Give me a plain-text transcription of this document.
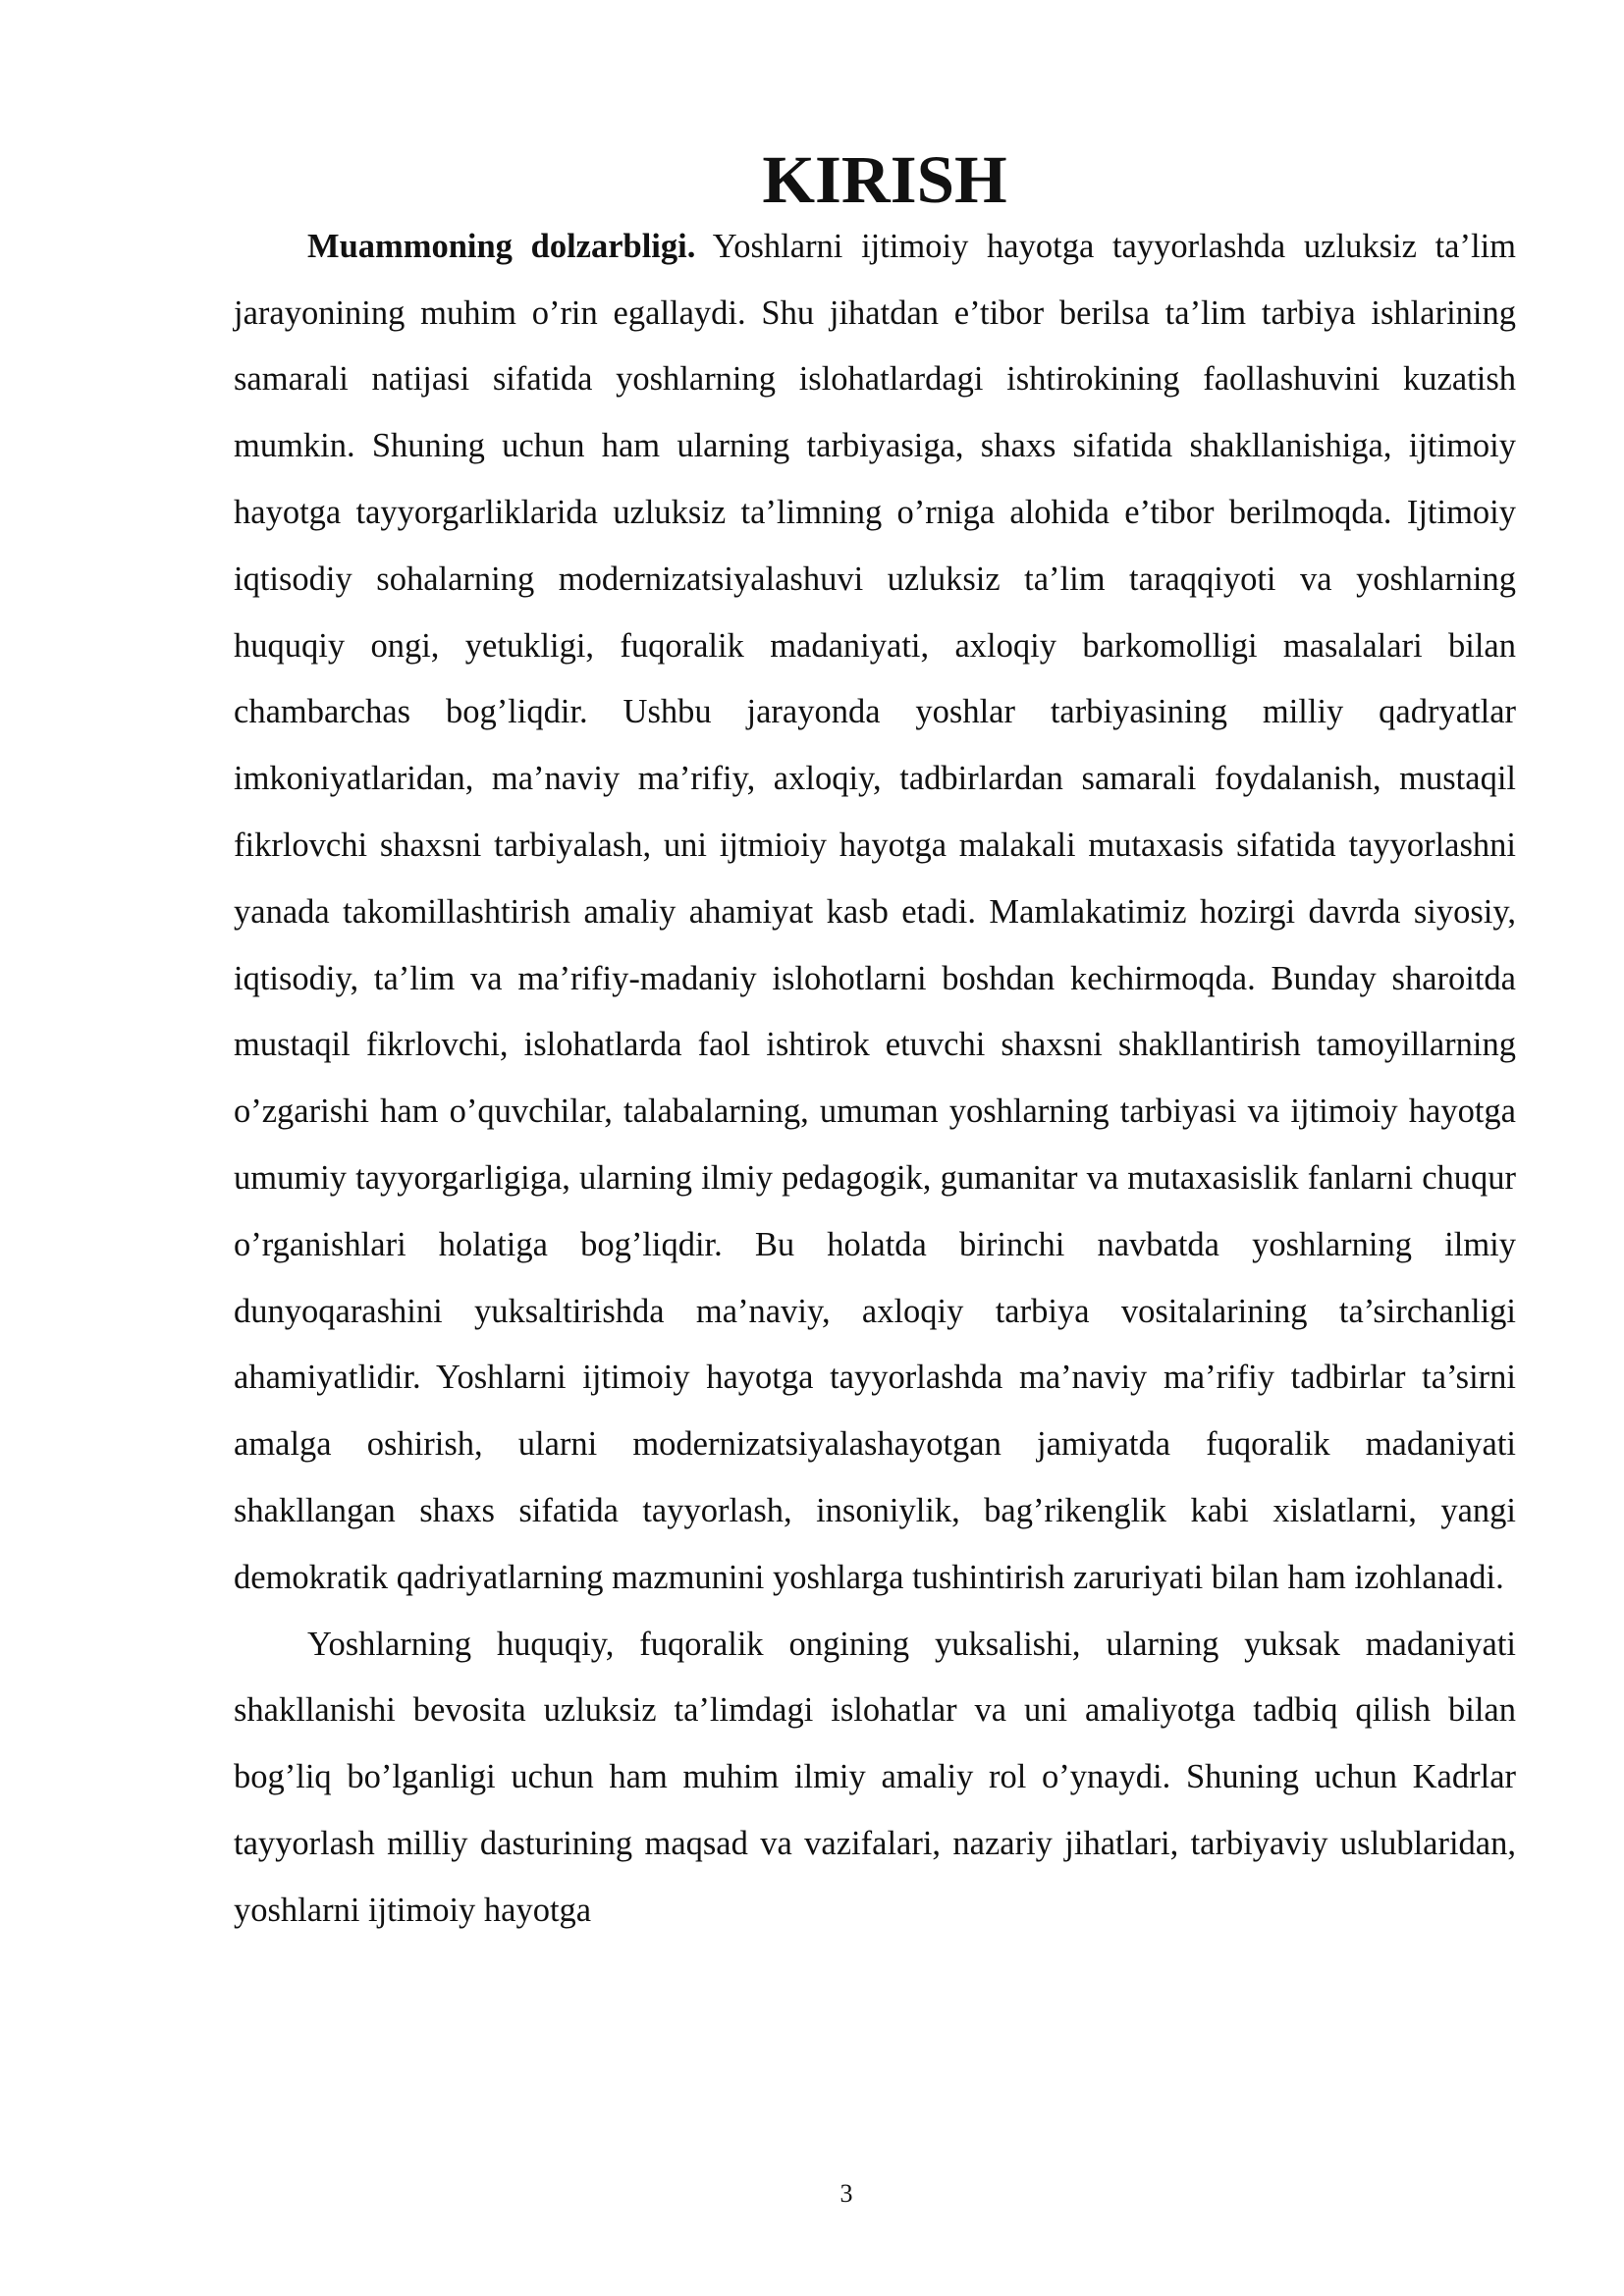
KIRISH

Muammoning dolzarbligi. Yoshlarni ijtimoiy hayotga tayyorlashda uzluksiz ta’lim jarayonining muhim o’rin egallaydi. Shu jihatdan e’tibor berilsa ta’lim tarbiya ishlarining samarali natijasi sifatida yoshlarning islohatlardagi ishtirokining faollashuvini kuzatish mumkin. Shuning uchun ham ularning tarbiyasiga, shaxs sifatida shakllanishiga, ijtimoiy hayotga tayyorgarliklarida uzluksiz ta’limning o’rniga alohida e’tibor berilmoqda. Ijtimoiy iqtisodiy sohalarning modernizatsiyalashuvi uzluksiz ta’lim taraqqiyoti va yoshlarning huquqiy ongi, yetukligi, fuqoralik madaniyati, axloqiy barkomolligi masalalari bilan chambarchas bog’liqdir. Ushbu jarayonda yoshlar tarbiyasining milliy qadryatlar imkoniyatlaridan, ma’naviy ma’rifiy, axloqiy, tadbirlardan samarali foydalanish, mustaqil fikrlovchi shaxsni tarbiyalash, uni ijtmioiy hayotga malakali mutaxasis sifatida tayyorlashni yanada takomillashtirish amaliy ahamiyat kasb etadi. Mamlakatimiz hozirgi davrda siyosiy, iqtisodiy, ta’lim va ma’rifiy-madaniy islohotlarni boshdan kechirmoqda. Bunday sharoitda mustaqil fikrlovchi, islohatlarda faol ishtirok etuvchi shaxsni shakllantirish tamoyillarning o’zgarishi ham o’quvchilar, talabalarning, umuman yoshlarning tarbiyasi va ijtimoiy hayotga umumiy tayyorgarligiga, ularning ilmiy pedagogik, gumanitar va mutaxasislik fanlarni chuqur o’rganishlari holatiga bog’liqdir. Bu holatda birinchi navbatda yoshlarning ilmiy dunyoqarashini yuksaltirishda ma’naviy, axloqiy tarbiya vositalarining ta’sirchanligi ahamiyatlidir. Yoshlarni ijtimoiy hayotga tayyorlashda ma’naviy ma’rifiy tadbirlar ta’sirni amalga oshirish, ularni modernizatsiyalashayotgan jamiyatda fuqoralik madaniyati shakllangan shaxs sifatida tayyorlash, insoniylik, bag’rikenglik kabi xislatlarni, yangi demokratik qadriyatlarning mazmunini yoshlarga tushintirish zaruriyati bilan ham izohlanadi.

Yoshlarning huquqiy, fuqoralik ongining yuksalishi, ularning yuksak madaniyati shakllanishi bevosita uzluksiz ta’limdagi islohatlar va uni amaliyotga tadbiq qilish bilan bog’liq bo’lganligi uchun ham muhim ilmiy amaliy rol o’ynaydi. Shuning uchun Kadrlar tayyorlash milliy dasturining maqsad va vazifalari, nazariy jihatlari, tarbiyaviy uslublaridan, yoshlarni ijtimoiy hayotga

3
